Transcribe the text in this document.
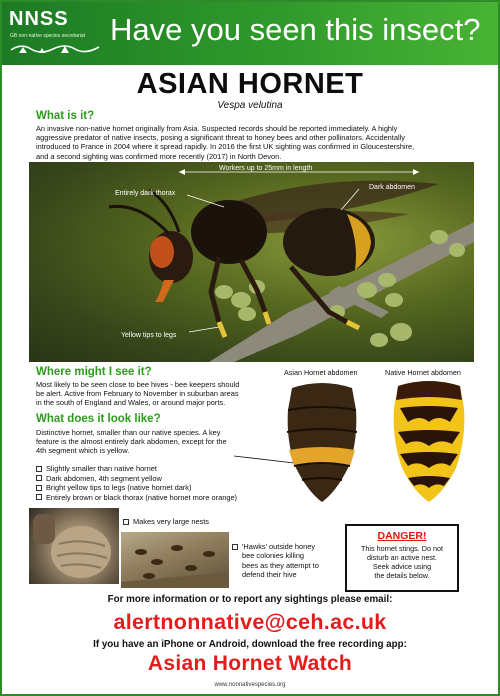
NNSS
GB non-native species secretariat Have you seen this insect?
ASIAN HORNET
Vespa velutina
What is it?
An invasive non-native hornet originally from Asia. Suspected records should be reported immediately. A highly
aggressive predator of native insects, posing a significant threat to honey bees and other pollinators. Accidentally
introduced to France in 2004 where it spread rapidly. In 2016 the first UK sighting was confirmed in Gloucestershire,
and a second sighting was confirmed more recently (2017) in North Devon.
Workers up to 25mm in length
Entirely dark thorax
Dark abdomen
Yellow tips to legs
Where might I see it?
Most likely to be seen close to bee hives - bee keepers should
be alert. Active from February to November in suburban areas
in the south of England and Wales, or around major ports.
What does it look like?
Distinctive hornet, smaller than our native species. A key
feature is the almost entirely dark abdomen, except for the
4th segment which is yellow.
Slightly smaller than native hornet
Dark abdomen, 4th segment yellow
Bright yellow tips to legs (native hornet dark)
Entirely brown or black thorax (native hornet more orange)
Asian Hornet abdomen	Native Hornet abdomen
Makes very large nests
'Hawks' outside honey
bee colonies killing
bees as they attempt to
defend their hive
DANGER!
This hornet stings. Do not
disturb an active nest.
Seek advice using
the details below.
For more information or to report any sightings please email:
alertnonnative@ceh.ac.uk
If you have an iPhone or Android, download the free recording app:
Asian Hornet Watch
www.nonnativespecies.org
